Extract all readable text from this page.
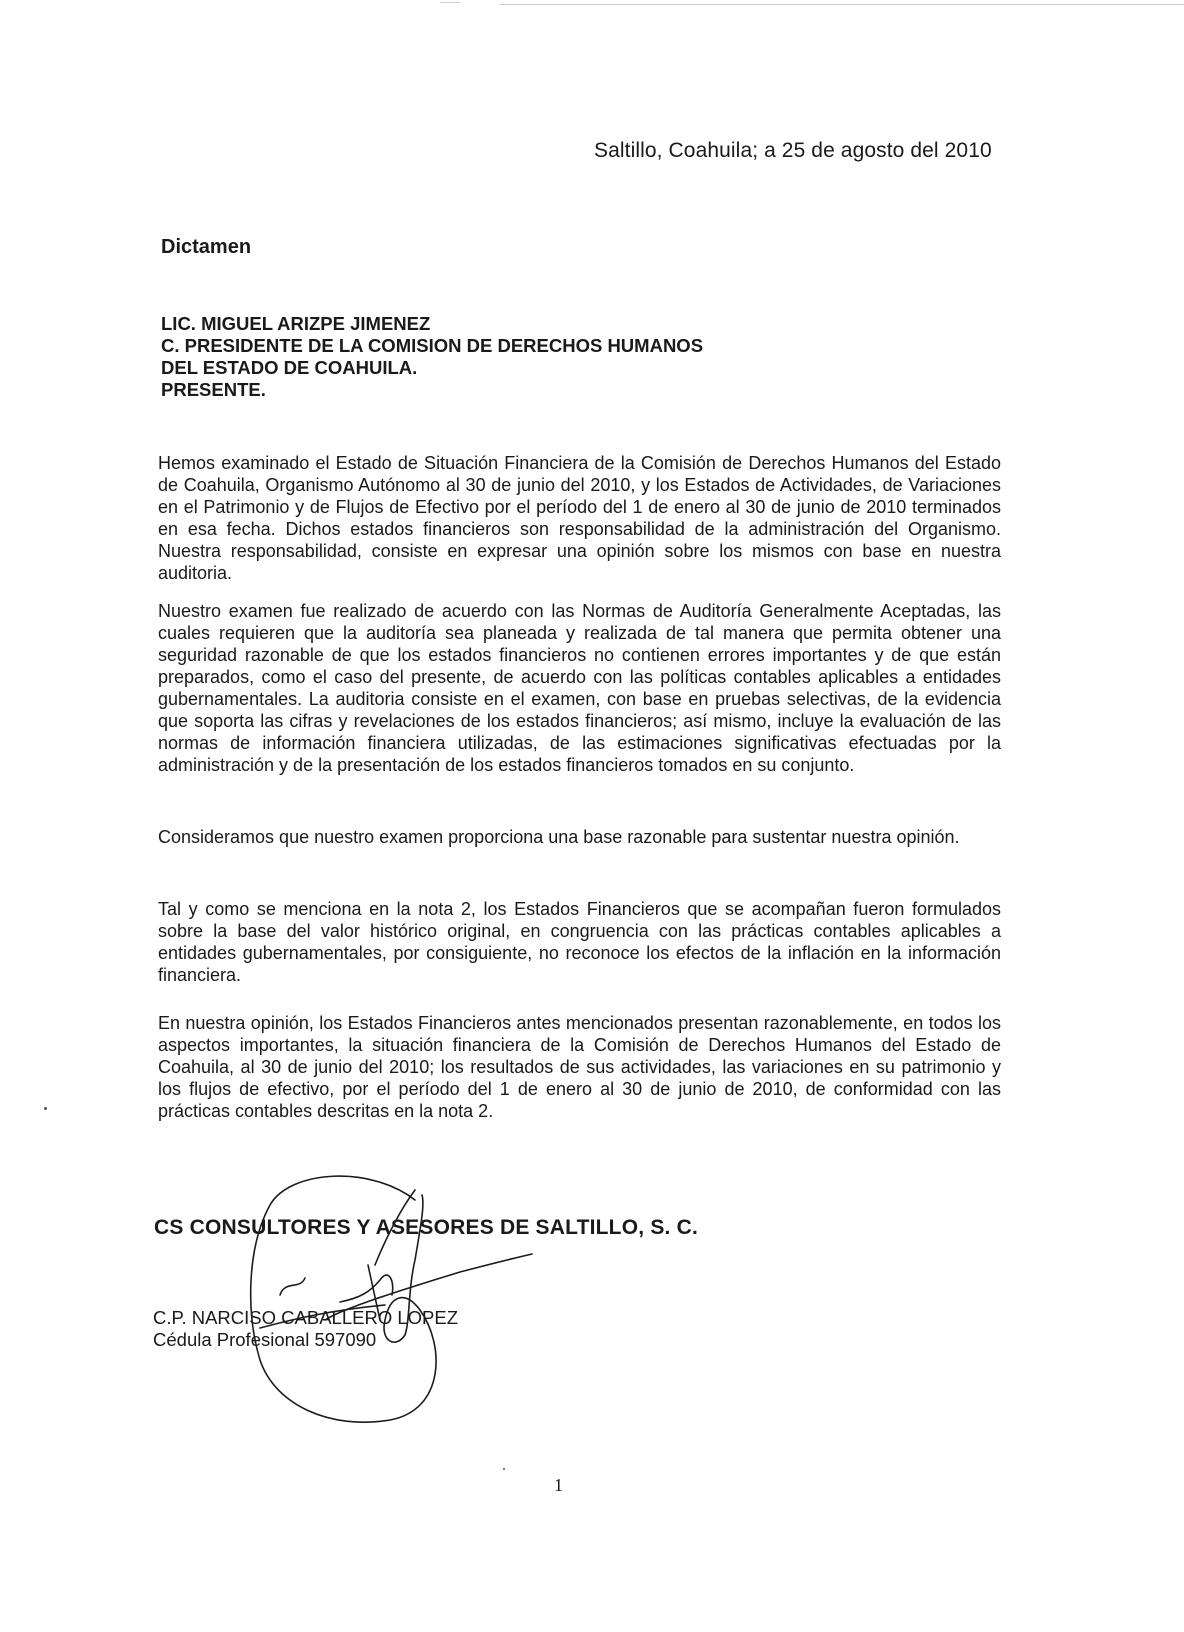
Saltillo, Coahuila; a 25 de agosto del 2010
Dictamen
LIC. MIGUEL ARIZPE JIMENEZ
C. PRESIDENTE DE LA COMISION DE DERECHOS HUMANOS
DEL ESTADO DE COAHUILA.
PRESENTE.

Hemos examinado el Estado de Situación Financiera de la Comisión de Derechos Humanos del Estado de Coahuila, Organismo Autónomo al 30 de junio del 2010, y los Estados de Actividades, de Variaciones en el Patrimonio y de Flujos de Efectivo por el período del 1 de enero al 30 de junio de 2010 terminados en esa fecha. Dichos estados financieros son responsabilidad de la administración del Organismo. Nuestra responsabilidad, consiste en expresar una opinión sobre los mismos con base en nuestra auditoria.

Nuestro examen fue realizado de acuerdo con las Normas de Auditoría Generalmente Aceptadas, las cuales requieren que la auditoría sea planeada y realizada de tal manera que permita obtener una seguridad razonable de que los estados financieros no contienen errores importantes y de que están preparados, como el caso del presente, de acuerdo con las políticas contables aplicables a entidades gubernamentales. La auditoria consiste en el examen, con base en pruebas selectivas, de la evidencia que soporta las cifras y revelaciones de los estados financieros; así mismo, incluye la evaluación de las normas de información financiera utilizadas, de las estimaciones significativas efectuadas por la administración y de la presentación de los estados financieros tomados en su conjunto.

Consideramos que nuestro examen proporciona una base razonable para sustentar nuestra opinión.

Tal y como se menciona en la nota 2, los Estados Financieros que se acompañan fueron formulados sobre la base del valor histórico original, en congruencia con las prácticas contables aplicables a entidades gubernamentales, por consiguiente, no reconoce los efectos de la inflación en la información financiera.

En nuestra opinión, los Estados Financieros antes mencionados presentan razonablemente, en todos los aspectos importantes, la situación financiera de la Comisión de Derechos Humanos del Estado de Coahuila, al 30 de junio del 2010; los resultados de sus actividades, las variaciones en su patrimonio y los flujos de efectivo, por el período del 1 de enero al 30 de junio de 2010, de conformidad con las prácticas contables descritas en la nota 2.

CS CONSULTORES Y ASESORES DE SALTILLO, S. C.
C.P. NARCISO CABALLERO LOPEZ
Cédula Profesional 597090
1
